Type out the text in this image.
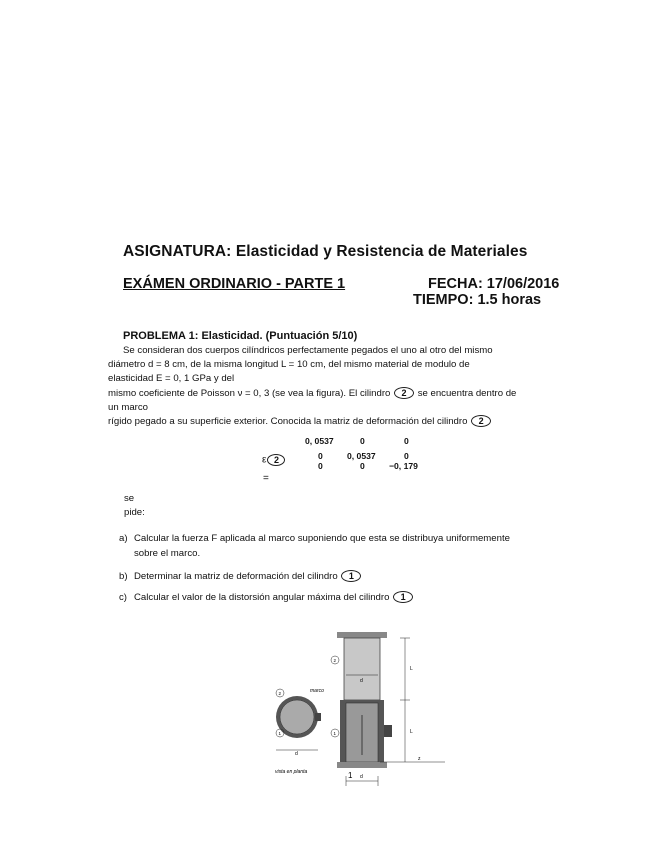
ASIGNATURA: Elasticidad y Resistencia de Materiales
EXÁMEN ORDINARIO - PARTE 1	FECHA: 17/06/2016
TIEMPO: 1.5 horas
PROBLEMA 1: Elasticidad. (Puntuación 5/10)
Se consideran dos cuerpos cilíndricos perfectamente pegados el uno al otro del mismo
diámetro d = 8 cm, de la misma longitud L = 10 cm, del mismo material de modulo de
elasticidad E = 0, 1 GPa y del
mismo coeficiente de Poisson ν = 0, 3 (se vea la figura). El cilindro 2 se encuentra dentro de
un marco
rígido pegado a su superficie exterior. Conocida la matriz de deformación del cilindro 2
ε 2
=
0, 0537	0	0
0	0, 0537	0
0	0	−0, 179
se
pide:
a) Calcular la fuerza F aplicada al marco suponiendo que esta se distribuya uniformemente
sobre el marco.
b) Determinar la matriz de deformación del cilindro 1
c) Calcular el valor de la distorsión angular máxima del cilindro 1
d
L
L
z
2
1
marco
2
1
d
vista en planta	1 d
